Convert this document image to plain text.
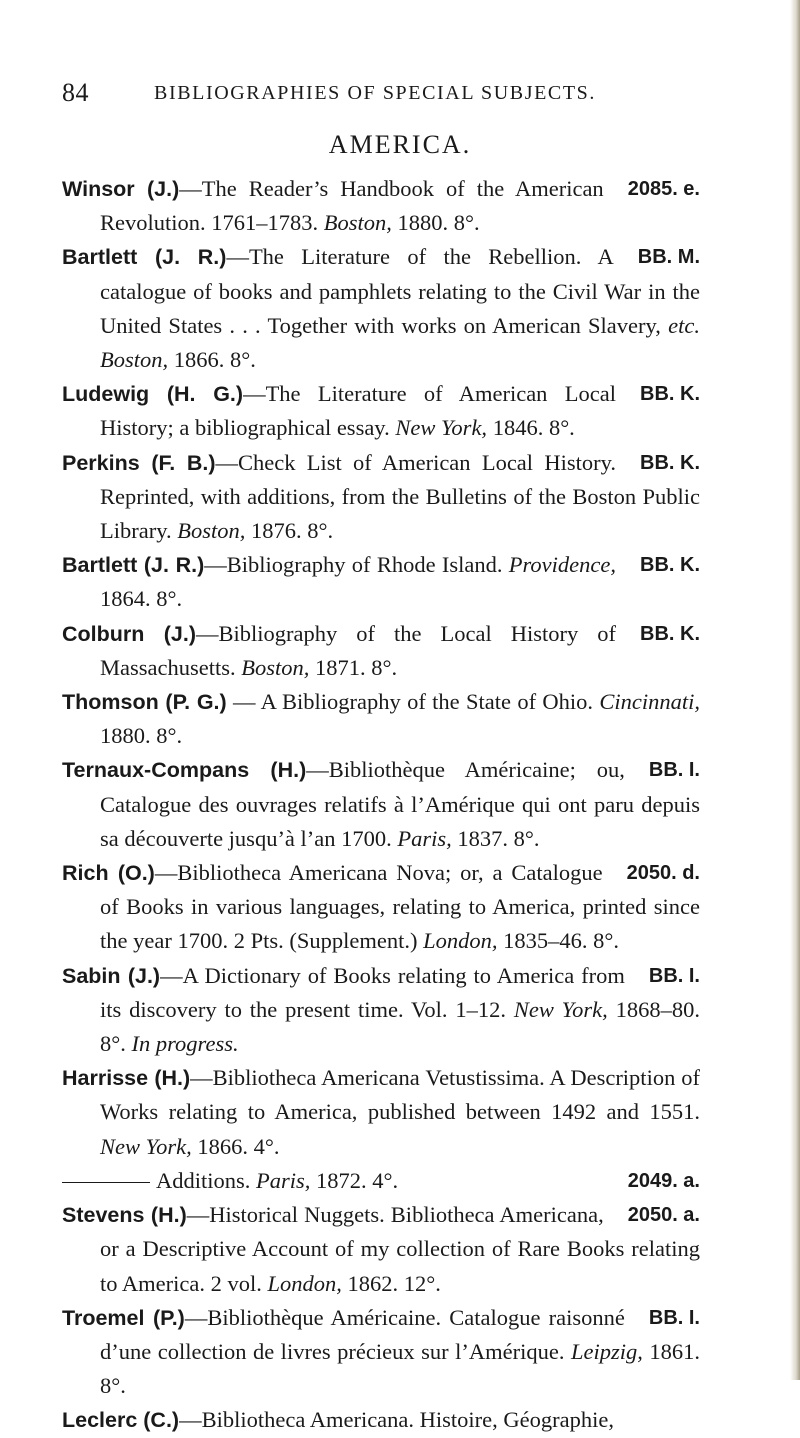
84	BIBLIOGRAPHIES OF SPECIAL SUBJECTS.
AMERICA.
2085. e.
Winsor (J.)—The Reader’s Handbook of the American Revolution. 1761–1783. Boston, 1880. 8°.
BB. M.
Bartlett (J. R.)—The Literature of the Rebellion. A catalogue of books and pamphlets relating to the Civil War in the United States . . . Together with works on American Slavery, etc. Boston, 1866. 8°.
BB. K.
Ludewig (H. G.)—The Literature of American Local History; a bibliographical essay. New York, 1846. 8°.
BB. K.
Perkins (F. B.)—Check List of American Local History. Reprinted, with additions, from the Bulletins of the Boston Public Library. Boston, 1876. 8°.
BB. K.
Bartlett (J. R.)—Bibliography of Rhode Island. Providence, 1864. 8°.
BB. K.
Colburn (J.)—Bibliography of the Local History of Massachusetts. Boston, 1871. 8°.
Thomson (P. G.) — A Bibliography of the State of Ohio. Cincinnati, 1880. 8°.
BB. I.
Ternaux-Compans (H.)—Bibliothèque Américaine; ou, Catalogue des ouvrages relatifs à l’Amérique qui ont paru depuis sa découverte jusqu’à l’an 1700. Paris, 1837. 8°.
2050. d.
Rich (O.)—Bibliotheca Americana Nova; or, a Catalogue of Books in various languages, relating to America, printed since the year 1700. 2 Pts. (Supplement.) London, 1835–46. 8°.
BB. I.
Sabin (J.)—A Dictionary of Books relating to America from its discovery to the present time. Vol. 1–12. New York, 1868–80. 8°. In progress.
Harrisse (H.)—Bibliotheca Americana Vetustissima. A Description of Works relating to America, published between 1492 and 1551. New York, 1866. 4°.
2049. a.
Additions. Paris, 1872. 4°.
2050. a.
Stevens (H.)—Historical Nuggets. Bibliotheca Americana, or a Descriptive Account of my collection of Rare Books relating to America. 2 vol. London, 1862. 12°.
BB. I.
Troemel (P.)—Bibliothèque Américaine. Catalogue raisonné d’une collection de livres précieux sur l’Amérique. Leipzig, 1861. 8°.
Leclerc (C.)—Bibliotheca Americana. Histoire, Géographie,
